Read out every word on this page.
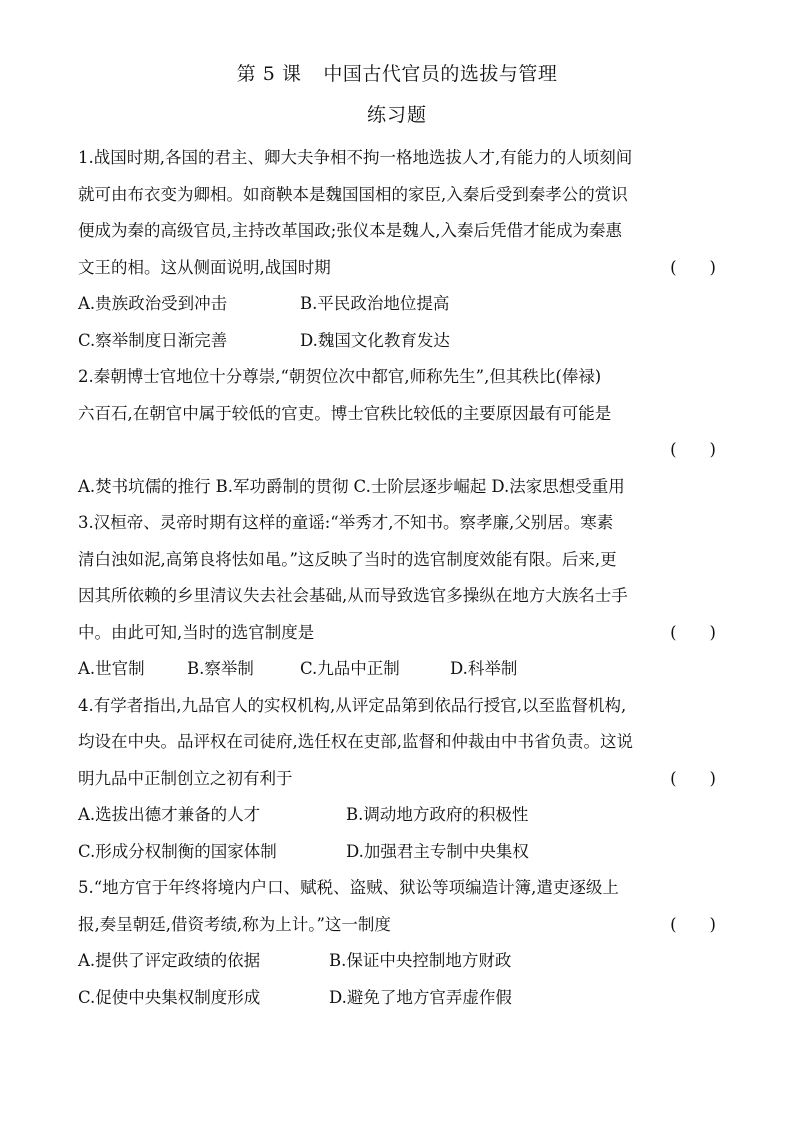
第 5 课 中国古代官员的选拔与管理
练习题
1.战国时期,各国的君主、卿大夫争相不拘一格地选拔人才,有能力的人顷刻间
就可由布衣变为卿相。如商鞅本是魏国国相的家臣,入秦后受到秦孝公的赏识
便成为秦的高级官员,主持改革国政;张仪本是魏人,入秦后凭借才能成为秦惠
文王的相。这从侧面说明,战国时期	(　　)
A.贵族政治受到冲击	B.平民政治地位提高
C.察举制度日渐完善	D.魏国文化教育发达
2.秦朝博士官地位十分尊崇,“朝贺位次中都官,师称先生”,但其秩比(俸禄)
六百石,在朝官中属于较低的官吏。博士官秩比较低的主要原因最有可能是
(　　)
A.焚书坑儒的推行 B.军功爵制的贯彻 C.士阶层逐步崛起 D.法家思想受重用
3.汉桓帝、灵帝时期有这样的童谣:“举秀才,不知书。察孝廉,父别居。寒素
清白浊如泥,高第良将怯如黾。”这反映了当时的选官制度效能有限。后来,更
因其所依赖的乡里清议失去社会基础,从而导致选官多操纵在地方大族名士手
中。由此可知,当时的选官制度是	(　　)
A.世官制	B.察举制	C.九品中正制	D.科举制
4.有学者指出,九品官人的实权机构,从评定品第到依品行授官,以至监督机构,
均设在中央。品评权在司徒府,选任权在吏部,监督和仲裁由中书省负责。这说
明九品中正制创立之初有利于	(　　)
A.选拔出德才兼备的人才	B.调动地方政府的积极性
C.形成分权制衡的国家体制	D.加强君主专制中央集权
5.“地方官于年终将境内户口、赋税、盗贼、狱讼等项编造计簿,遣吏逐级上
报,奏呈朝廷,借资考绩,称为上计。”这一制度	(　　)
A.提供了评定政绩的依据	B.保证中央控制地方财政
C.促使中央集权制度形成	D.避免了地方官弄虚作假
